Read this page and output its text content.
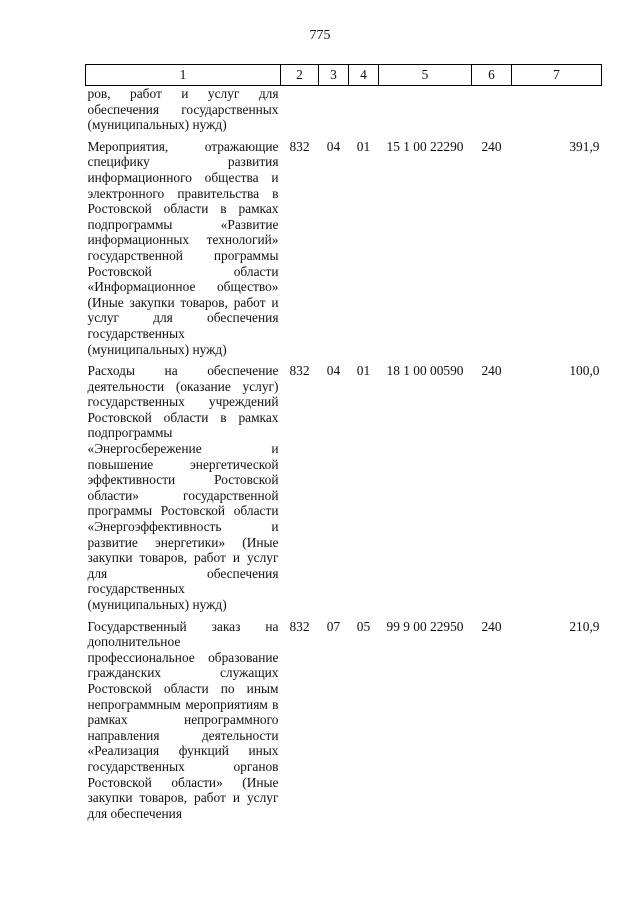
775
1	2	3	4	5	6	7
ров, работ и услуг для обеспечения государственных (муниципальных) нужд)						
Мероприятия, отражающие специфику развития информационного общества и электронного правительства в Ростовской области в рамках подпрограммы «Развитие информационных технологий» государственной программы Ростовской области «Информационное общество» (Иные закупки товаров, работ и услуг для обеспечения государственных (муниципальных) нужд)	832	04	01	15 1 00 22290	240	391,9
Расходы на обеспечение деятельности (оказание услуг) государственных учреждений Ростовской области в рамках подпрограммы «Энергосбережение и повышение энергетической эффективности Ростовской области» государственной программы Ростовской области «Энергоэффективность и развитие энергетики» (Иные закупки товаров, работ и услуг для обеспечения государственных (муниципальных) нужд)	832	04	01	18 1 00 00590	240	100,0
Государственный заказ на дополнительное профессиональное образование гражданских служащих Ростовской области по иным непрограммным мероприятиям в рамках непрограммного направления деятельности «Реализация функций иных государственных органов Ростовской области» (Иные закупки товаров, работ и услуг для обеспечения	832	07	05	99 9 00 22950	240	210,9
